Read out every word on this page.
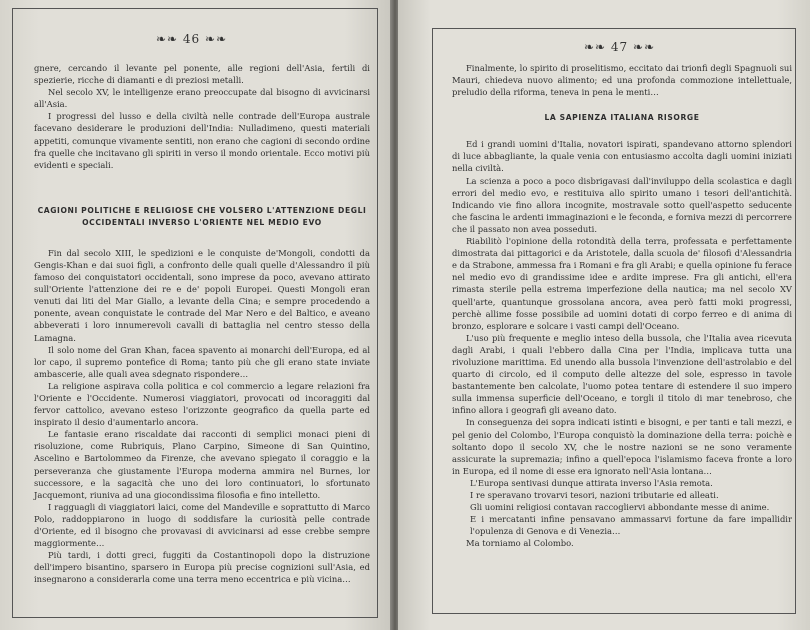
❧❧ 46 ❧❧

gnere, cercando il levante pel ponente, alle regioni dell'Asia, fertili di spezierie, ricche di diamanti e di preziosi metalli.

Nel secolo XV, le intelligenze erano preoccupate dal bisogno di avvicinarsi all'Asia.

I progressi del lusso e della civiltà nelle contrade dell'Europa australe facevano desiderare le produzioni dell'India: Nulladimeno, questi materiali appetiti, comunque vivamente sentiti, non erano che cagioni di secondo ordine fra quelle che incitavano gli spiriti in verso il mondo orientale. Ecco motivi più evidenti e speciali.

CAGIONI POLITICHE E RELIGIOSE CHE VOLSERO L'ATTENZIONE DEGLI OCCIDENTALI INVERSO L'ORIENTE NEL MEDIO EVO

Fin dal secolo XIII, le spedizioni e le conquiste de'Mongoli, condotti da Gengis-Khan e dai suoi figli, a confronto delle quali quelle d'Alessandro il più famoso dei conquistatori occidentali, sono imprese da poco, avevano attirato sull'Oriente l'attenzione dei re e de' popoli Europei. Questi Mongoli eran venuti dai liti del Mar Giallo, a levante della Cina; e sempre procedendo a ponente, avean conquistate le contrade del Mar Nero e del Baltico, e aveano abbeverati i loro innumerevoli cavalli di battaglia nel centro stesso della Lamagna.

Il solo nome del Gran Khan, facea spavento ai monarchi dell'Europa, ed al lor capo, il supremo pontefice di Roma; tanto più che gli erano state inviate ambascerie, alle quali avea sdegnato rispondere…

La religione aspirava colla politica e col commercio a legare relazioni fra l'Oriente e l'Occidente. Numerosi viaggiatori, provocati od incoraggiti dal fervor cattolico, avevano esteso l'orizzonte geografico da quella parte ed inspirato il desio d'aumentarlo ancora.

Le fantasie erano riscaldate dai racconti di semplici monaci pieni di risoluzione, come Rubriquis, Plano Carpino, Simeone di San Quintino, Ascelino e Bartolommeo da Firenze, che avevano spiegato il coraggio e la perseveranza che giustamente l'Europa moderna ammira nel Burnes, lor successore, e la sagacità che uno dei loro continuatori, lo sfortunato Jacquemont, riuniva ad una giocondissima filosofia e fino intelletto.

I ragguagli di viaggiatori laici, come del Mandeville e soprattutto di Marco Polo, raddoppiarono in luogo di soddisfare la curiosità pelle contrade d'Oriente, ed il bisogno che provavasi di avvicinarsi ad esse crebbe sempre maggiormente…

Più tardi, i dotti greci, fuggiti da Costantinopoli dopo la distruzione dell'impero bisantino, sparsero in Europa più precise cognizioni sull'Asia, ed insegnarono a considerarla come una terra meno eccentrica e più vicina…

❧❧ 47 ❧❧

Finalmente, lo spirito di proselitismo, eccitato dai trionfi degli Spagnuoli sui Mauri, chiedeva nuovo alimento; ed una profonda commozione intellettuale, preludio della riforma, teneva in pena le menti…

LA SAPIENZA ITALIANA RISORGE

Ed i grandi uomini d'Italia, novatori ispirati, spandevano attorno splendori di luce abbagliante, la quale venia con entusiasmo accolta dagli uomini iniziati nella civiltà.

La scienza a poco a poco disbrigavasi dall'inviluppo della scolastica e dagli errori del medio evo, e restituiva allo spirito umano i tesori dell'antichità. Indicando vie fino allora incognite, mostravale sotto quell'aspetto seducente che fascina le ardenti immaginazioni e le feconda, e forniva mezzi di percorrere che il passato non avea posseduti.

Riabilitò l'opinione della rotondità della terra, professata e perfettamente dimostrata dai pittagorici e da Aristotele, dalla scuola de' filosofi d'Alessandria e da Strabone, ammessa fra i Romani e fra gli Arabi; e quella opinione fu ferace nel medio evo di grandissime idee e ardite imprese. Fra gli antichi, ell'era rimasta sterile pella estrema imperfezione della nautica; ma nel secolo XV quell'arte, quantunque grossolana ancora, avea però fatti moki progressi, perchè allime fosse possibile ad uomini dotati di corpo ferreo e di anima di bronzo, esplorare e solcare i vasti campi dell'Oceano.

L'uso più frequente e meglio inteso della bussola, che l'Italia avea ricevuta dagli Arabi, i quali l'ebbero dalla Cina per l'India, implicava tutta una rivoluzione marittima. Ed unendo alla bussola l'invenzione dell'astrolabio e del quarto di circolo, ed il computo delle altezze del sole, espresso in tavole bastantemente ben calcolate, l'uomo potea tentare di estendere il suo impero sulla immensa superficie dell'Oceano, e torgli il titolo di mar tenebroso, che infino allora i geografi gli aveano dato.

In conseguenza dei sopra indicati istinti e bisogni, e per tanti e tali mezzi, e pel genio del Colombo, l'Europa conquistò la dominazione della terra: poichè e soltanto dopo il secolo XV, che le nostre nazioni se ne sono veramente assicurate la supremazia; infino a quell'epoca l'islamismo faceva fronte a loro in Europa, ed il nome di esse era ignorato nell'Asia lontana…

L'Europa sentivasi dunque attirata inverso l'Asia remota.

I re speravano trovarvi tesori, nazioni tributarie ed alleati.

Gli uomini religiosi contavan raccogliervi abbondante messe di anime.

E i mercatanti infine pensavano ammassarvi fortune da fare impallidir l'opulenza di Genova e di Venezia…

Ma torniamo al Colombo.
